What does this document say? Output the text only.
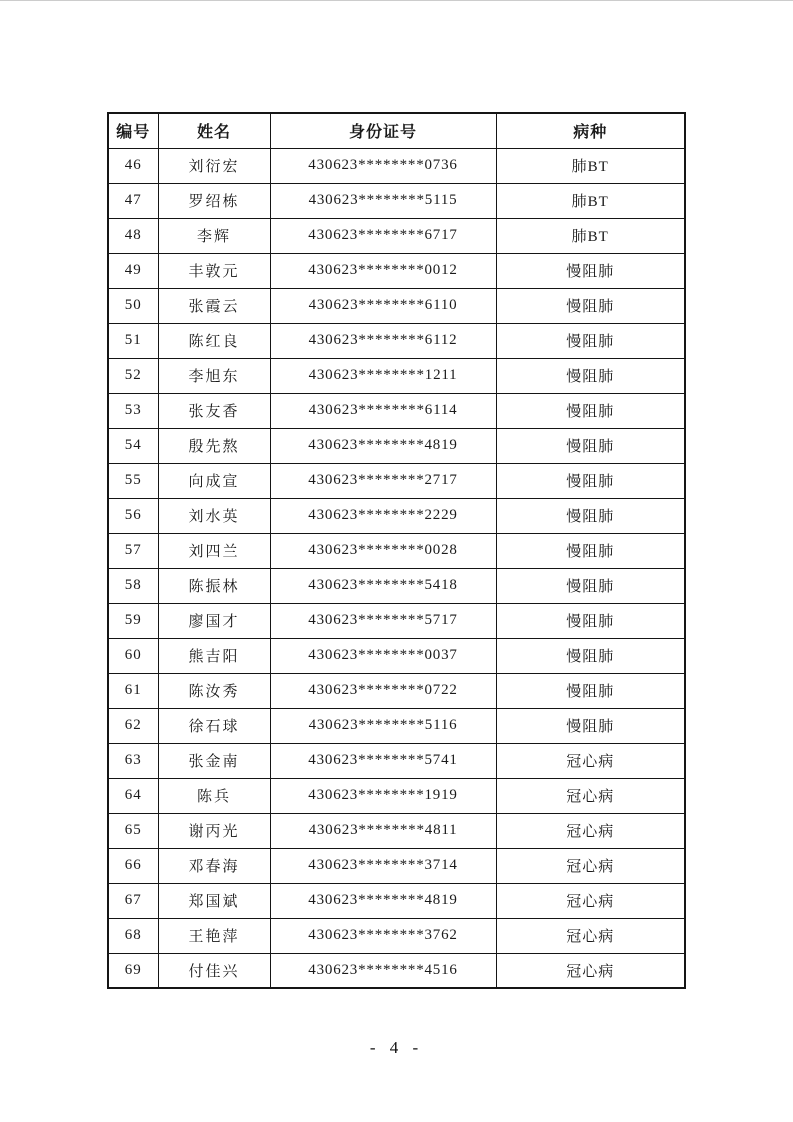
编号	姓名	身份证号	病种
46	刘衍宏	430623********0736	肺BT
47	罗绍栋	430623********5115	肺BT
48	李辉	430623********6717	肺BT
49	丰敦元	430623********0012	慢阻肺
50	张霞云	430623********6110	慢阻肺
51	陈红良	430623********6112	慢阻肺
52	李旭东	430623********1211	慢阻肺
53	张友香	430623********6114	慢阻肺
54	殷先熬	430623********4819	慢阻肺
55	向成宣	430623********2717	慢阻肺
56	刘水英	430623********2229	慢阻肺
57	刘四兰	430623********0028	慢阻肺
58	陈振林	430623********5418	慢阻肺
59	廖国才	430623********5717	慢阻肺
60	熊吉阳	430623********0037	慢阻肺
61	陈汝秀	430623********0722	慢阻肺
62	徐石球	430623********5116	慢阻肺
63	张金南	430623********5741	冠心病
64	陈兵	430623********1919	冠心病
65	谢丙光	430623********4811	冠心病
66	邓春海	430623********3714	冠心病
67	郑国斌	430623********4819	冠心病
68	王艳萍	430623********3762	冠心病
69	付佳兴	430623********4516	冠心病
- 4 -
